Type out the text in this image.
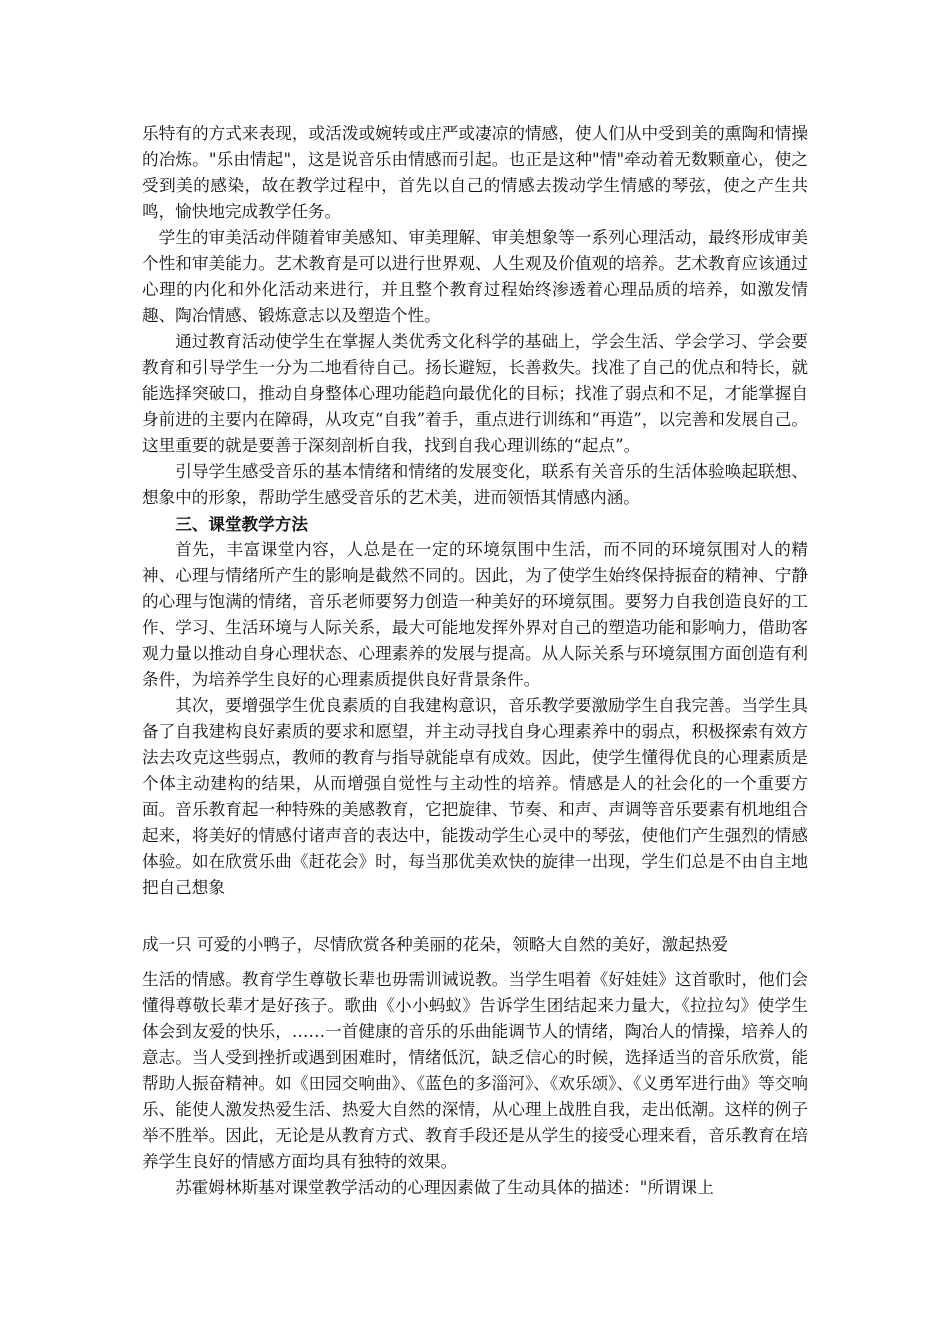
乐特有的方式来表现，或活泼或婉转或庄严或凄凉的情感，使人们从中受到美的熏陶和情操的冶炼。"乐由情起"，这是说音乐由情感而引起。也正是这种"情"牵动着无数颗童心，使之受到美的感染，故在教学过程中，首先以自己的情感去拨动学生情感的琴弦，使之产生共鸣，愉快地完成教学任务。

学生的审美活动伴随着审美感知、审美理解、审美想象等一系列心理活动，最终形成审美个性和审美能力。艺术教育是可以进行世界观、人生观及价值观的培养。艺术教育应该通过心理的内化和外化活动来进行，并且整个教育过程始终渗透着心理品质的培养，如激发情趣、陶冶情感、锻炼意志以及塑造个性。

通过教育活动使学生在掌握人类优秀文化科学的基础上，学会生活、学会学习、学会要教育和引导学生一分为二地看待自己。扬长避短，长善救失。找准了自己的优点和特长，就能选择突破口，推动自身整体心理功能趋向最优化的目标；找准了弱点和不足，才能掌握自身前进的主要内在障碍，从攻克“自我”着手，重点进行训练和“再造”，以完善和发展自己。这里重要的就是要善于深刻剖析自我，找到自我心理训练的“起点”。

引导学生感受音乐的基本情绪和情绪的发展变化，联系有关音乐的生活体验唤起联想、想象中的形象，帮助学生感受音乐的艺术美，进而领悟其情感内涵。

三、课堂教学方法

首先，丰富课堂内容，人总是在一定的环境氛围中生活，而不同的环境氛围对人的精神、心理与情绪所产生的影响是截然不同的。因此，为了使学生始终保持振奋的精神、宁静的心理与饱满的情绪，音乐老师要努力创造一种美好的环境氛围。要努力自我创造良好的工作、学习、生活环境与人际关系，最大可能地发挥外界对自己的塑造功能和影响力，借助客观力量以推动自身心理状态、心理素养的发展与提高。从人际关系与环境氛围方面创造有利条件，为培养学生良好的心理素质提供良好背景条件。

其次，要增强学生优良素质的自我建构意识，音乐教学要激励学生自我完善。当学生具备了自我建构良好素质的要求和愿望，并主动寻找自身心理素养中的弱点，积极探索有效方法去攻克这些弱点，教师的教育与指导就能卓有成效。因此，使学生懂得优良的心理素质是个体主动建构的结果，从而增强自觉性与主动性的培养。情感是人的社会化的一个重要方面。音乐教育起一种特殊的美感教育，它把旋律、节奏、和声、声调等音乐要素有机地组合起来，将美好的情感付诸声音的表达中，能拨动学生心灵中的琴弦，使他们产生强烈的情感体验。如在欣赏乐曲《赶花会》时，每当那优美欢快的旋律一出现，学生们总是不由自主地把自己想象

成一只 可爱的小鸭子，尽情欣赏各种美丽的花朵，领略大自然的美好，激起热爱

生活的情感。教育学生尊敬长辈也毋需训诫说教。当学生唱着《好娃娃》这首歌时，他们会懂得尊敬长辈才是好孩子。歌曲《小小蚂蚁》告诉学生团结起来力量大，《拉拉勾》使学生体会到友爱的快乐，……一首健康的音乐的乐曲能调节人的情绪，陶冶人的情操，培养人的意志。当人受到挫折或遇到困难时，情绪低沉，缺乏信心的时候，选择适当的音乐欣赏，能帮助人振奋精神。如《田园交响曲》、《蓝色的多淄河》、《欢乐颂》、《义勇军进行曲》等交响乐、能使人激发热爱生活、热爱大自然的深情，从心理上战胜自我，走出低潮。这样的例子举不胜举。因此，无论是从教育方式、教育手段还是从学生的接受心理来看，音乐教育在培养学生良好的情感方面均具有独特的效果。

苏霍姆林斯基对课堂教学活动的心理因素做了生动具体的描述："所谓课上
